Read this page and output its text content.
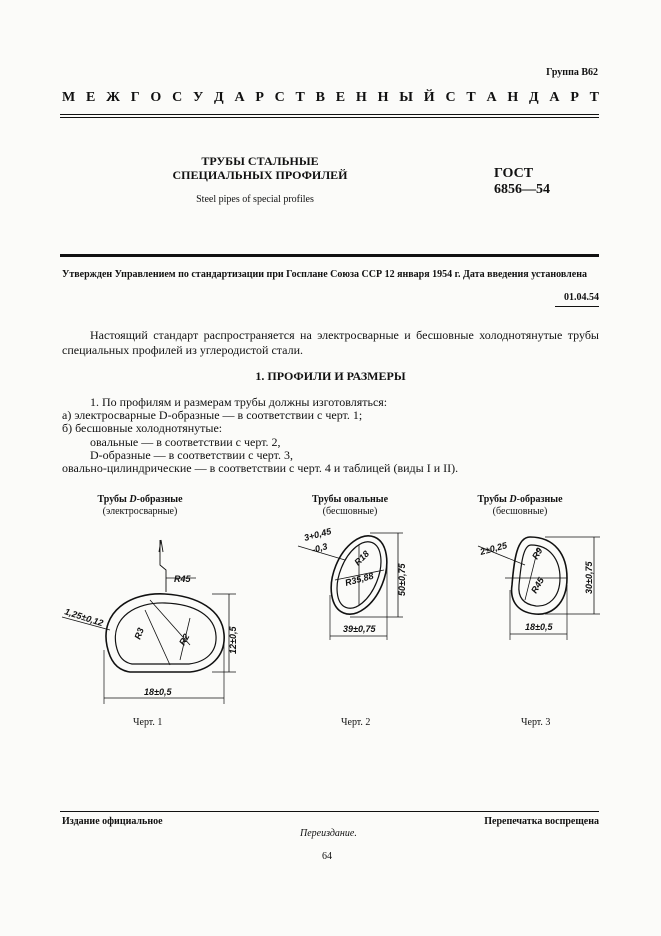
Группа В62
М Е Ж Г О С У Д А Р С Т В Е Н Н Ы Й С Т А Н Д А Р Т
ТРУБЫ СТАЛЬНЫЕ
СПЕЦИАЛЬНЫХ ПРОФИЛЕЙ
Steel pipes of special profiles
ГОСТ
6856—54
Утвержден Управлением по стандартизации при Госплане Союза ССР 12 января 1954 г. Дата введения установлена
01.04.54
Настоящий стандарт распространяется на электросварные и бесшовные холоднотянутые трубы специальных профилей из углеродистой стали.
1. ПРОФИЛИ И РАЗМЕРЫ
1. По профилям и размерам трубы должны изготовляться:
а) электросварные D-образные — в соответствии с черт. 1;
б) бесшовные холоднотянутые:
овальные — в соответствии с черт. 2,
D-образные — в соответствии с черт. 3,
овально-цилиндрические — в соответствии с черт. 4 и таблицей (виды I и II).
Трубы D-образные
(электросварные)
Трубы овальные
(бесшовные)
Трубы D-образные
(бесшовные)
1,25±0,12
R45
R3	R2	12±0,5
18±0,5
3+0,45
-0,3
R18
R35,88 50±0,75
39±0,75
2±0,25 R9
R45	30±0,75
18±0,5
Черт. 1	Черт. 2	Черт. 3
Издание официальное	Перепечатка воспрещена
Переиздание.
64
